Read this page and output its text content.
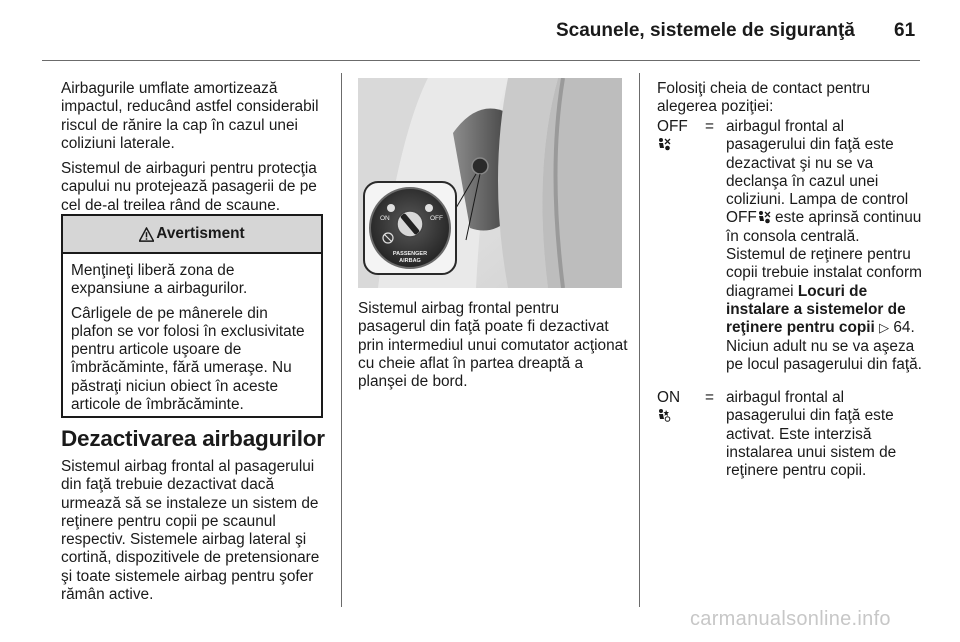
Scaunele, sistemele de siguranţă 61

Airbagurile umflate amortizează impactul, reducând astfel considerabil riscul de rănire la cap în cazul unei coliziuni laterale.

Sistemul de airbaguri pentru protecţia capului nu protejează pasagerii de pe cel de-al treilea rând de scaune.

Avertisment

Menţineţi liberă zona de expansiune a airbagurilor.

Cârligele de pe mânerele din plafon se vor folosi în exclusivitate pentru articole uşoare de îmbrăcăminte, fără umeraşe. Nu păstraţi niciun obiect în aceste articole de îmbrăcăminte.

Dezactivarea airbagurilor

Sistemul airbag frontal al pasagerului din faţă trebuie dezactivat dacă urmează să se instaleze un sistem de reţinere pentru copii pe scaunul respectiv. Sistemele airbag lateral şi cortină, dispozitivele de pretensionare şi toate sistemele airbag pentru şofer rămân active.

ON	OFF
PASSENGER
AIRBAG

Sistemul airbag frontal pentru pasagerul din faţă poate fi dezactivat prin intermediul unui comutator acţionat cu cheie aflat în partea dreaptă a planşei de bord.

Folosiţi cheia de contact pentru alegerea poziţiei:

OFF	= airbagul frontal al pasagerului din faţă este dezactivat şi nu se va declanşa în cazul unei coliziuni. Lampa de control OFF este aprinsă continuu în consola centrală. Sistemul de reţinere pentru copii trebuie instalat conform diagramei Locuri de instalare a sistemelor de reţinere pentru copii ▷ 64. Niciun adult nu se va aşeza pe locul pasagerului din faţă.
ON	= airbagul frontal al pasagerului din faţă este activat. Este interzisă instalarea unui sistem de reţinere pentru copii.
carmanualsonline.info
